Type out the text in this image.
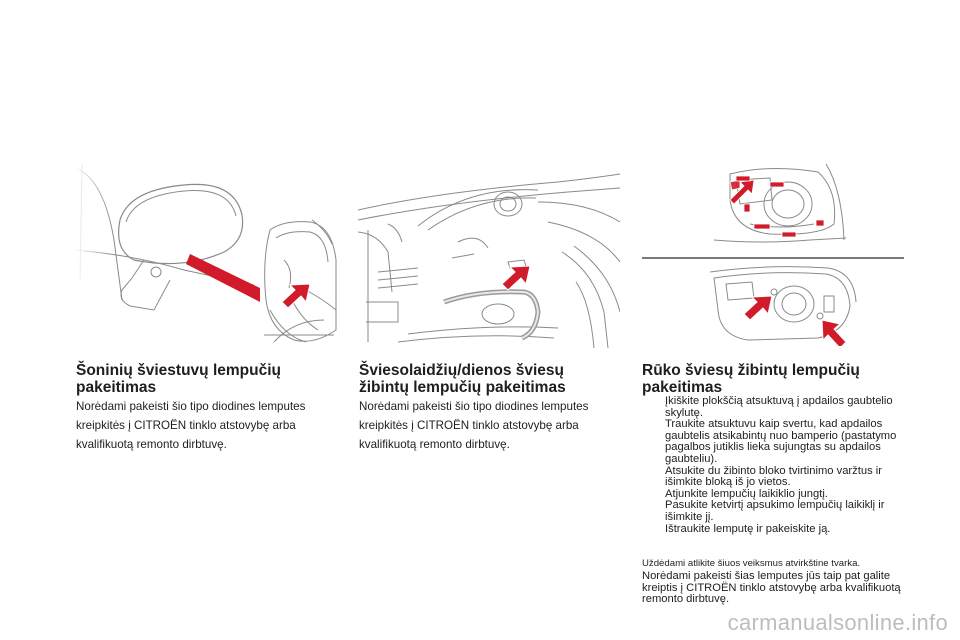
Šoninių šviestuvų lempučių
pakeitimas

Norėdami pakeisti šio tipo diodines lemputes
kreipkitės į CITROËN tinklo atstovybę arba
kvalifikuotą remonto dirbtuvę.

Šviesolaidžių/dienos šviesų
žibintų lempučių pakeitimas

Norėdami pakeisti šio tipo diodines lemputes
kreipkitės į CITROËN tinklo atstovybę arba
kvalifikuotą remonto dirbtuvę.

Rūko šviesų žibintų lempučių
pakeitimas
Įkiškite plokščią atsuktuvą į apdailos gaubtelio skylutę.
Traukite atsuktuvu kaip svertu, kad apdailos gaubtelis atsikabintų nuo bamperio (pastatymo pagalbos jutiklis lieka sujungtas su apdailos gaubteliu).
Atsukite du žibinto bloko tvirtinimo varžtus ir išimkite bloką iš jo vietos.
Atjunkite lempučių laikiklio jungtį.
Pasukite ketvirtį apsukimo lempučių laikiklį ir išimkite jį.
Ištraukite lemputę ir pakeiskite ją.

Uždėdami atlikite šiuos veiksmus atvirkštine tvarka.

Norėdami pakeisti šias lemputes jūs taip pat galite kreiptis į CITROËN tinklo atstovybę arba kvalifikuotą remonto dirbtuvę.

carmanualsonline.info
